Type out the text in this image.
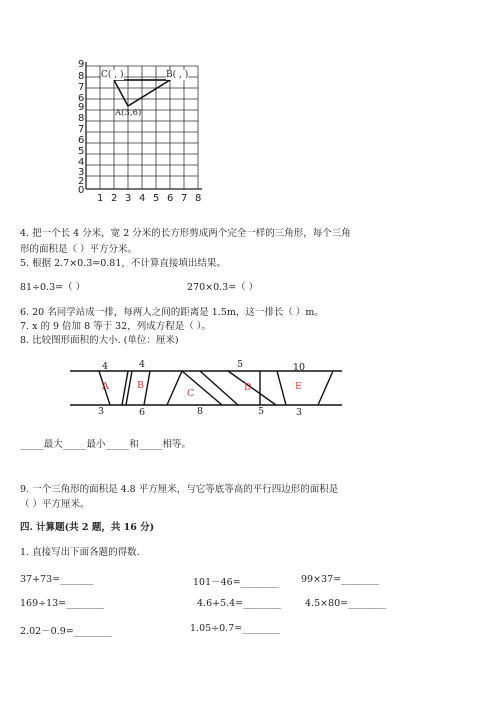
9
8
7
6
9
8
7
6
5
4
3
2
0
1 2 3 4 5 6 7 8
C( , )	B( , )
A(3,6)
4. 把一个长 4 分米，宽 2 分米的长方形剪成两个完全一样的三角形，每个三角
形的面积是（ ）平方分米。
5. 根据 2.7×0.3=0.81，不计算直接填出结果。
81÷0.3=（ ）	270×0.3=（ ）
6. 20 名同学站成一排，每两人之间的距离是 1.5m，这一排长（ ）m。
7. x 的 9 倍加 8 等于 32，列成方程是（ ）。
8. 比较图形面积的大小. (单位：厘米)
4	4	5	10
3	6	8	5	3
A	B
C
D	E
_____最大_____最小_____和_____相等。
9. 一个三角形的面积是 4.8 平方厘米，与它等底等高的平行四边形的面积是
（ ）平方厘米。
四. 计算题(共 2 题，共 16 分)
1. 直接写出下面各题的得数.
37+73=_______	101－46=________ 99×37=________
169÷13=________	4.6+5.4=________	4.5×80=________
2.02－0.9=________	1.05÷0.7=________
